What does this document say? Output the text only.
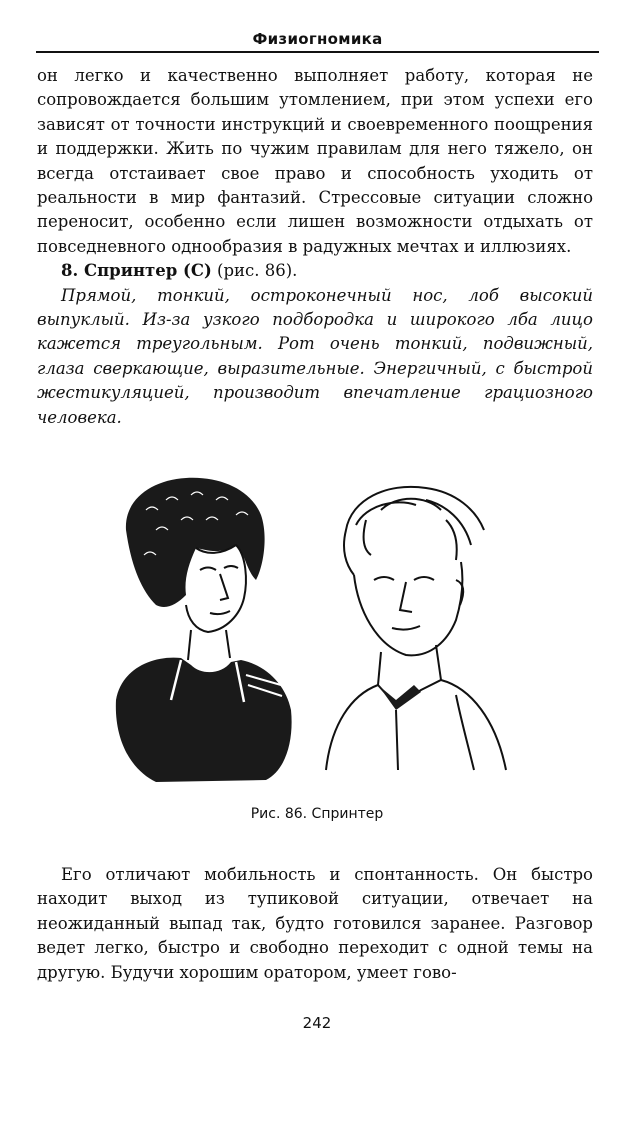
Физиогномика

он легко и качественно выполняет работу, которая не сопровождается большим утомлением, при этом успехи его зависят от точности инструкций и своевременного поощрения и поддержки. Жить по чужим правилам для него тяжело, он всегда отстаивает свое право и способность уходить от реальности в мир фантазий. Стрессовые ситуации сложно переносит, особенно если лишен возможности отдыхать от повседневного однообразия в радужных мечтах и иллюзиях.

8. Спринтер (С) (рис. 86).

Прямой, тонкий, остроконечный нос, лоб высокий выпуклый. Из-за узкого подбородка и широкого лба лицо кажется треугольным. Рот очень тонкий, подвижный, глаза сверкающие, выразительные. Энергичный, с быстрой жестикуляцией, производит впечатление грациозного человека.

Рис. 86. Спринтер

Его отличают мобильность и спонтанность. Он быстро находит выход из тупиковой ситуации, отвечает на неожиданный выпад так, будто готовился заранее. Разговор ведет легко, быстро и свободно переходит с одной темы на другую. Будучи хорошим оратором, умеет гово-

242
